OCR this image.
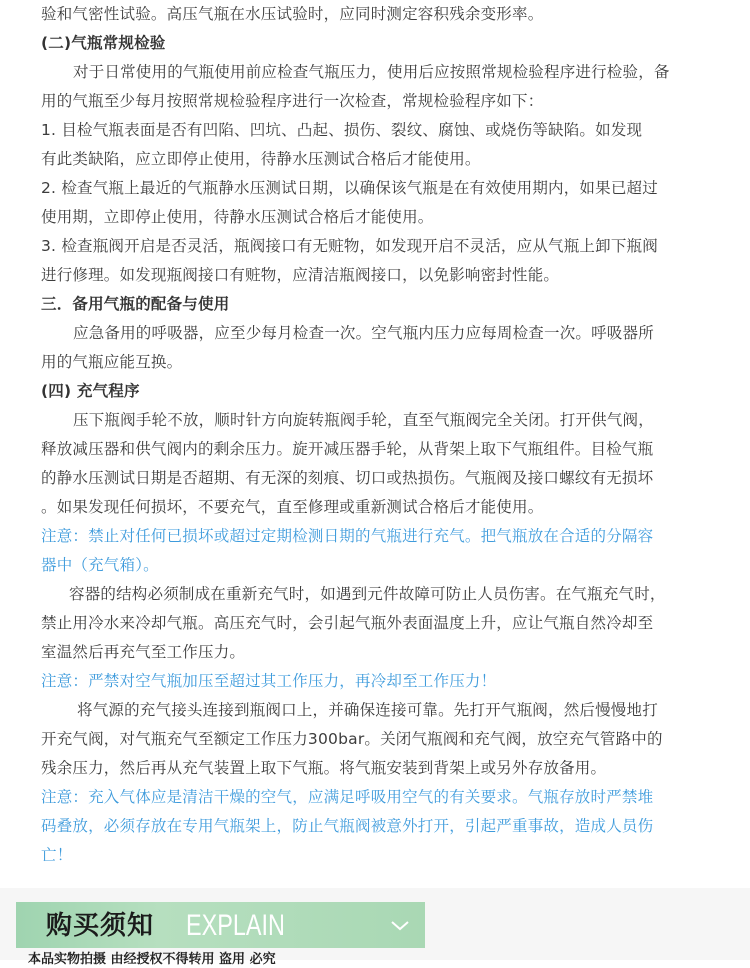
验和气密性试验。高压气瓶在水压试验时，应同时测定容积残余变形率。
(二)气瓶常规检验
对于日常使用的气瓶使用前应检查气瓶压力，使用后应按照常规检验程序进行检验，备
用的气瓶至少每月按照常规检验程序进行一次检查，常规检验程序如下：
1. 目检气瓶表面是否有凹陷、凹坑、凸起、损伤、裂纹、腐蚀、或烧伤等缺陷。如发现
有此类缺陷，应立即停止使用，待静水压测试合格后才能使用。
2. 检查气瓶上最近的气瓶静水压测试日期，以确保该气瓶是在有效使用期内，如果已超过
使用期，立即停止使用，待静水压测试合格后才能使用。
3. 检查瓶阀开启是否灵活，瓶阀接口有无赃物，如发现开启不灵活，应从气瓶上卸下瓶阀
进行修理。如发现瓶阀接口有赃物，应清洁瓶阀接口，以免影响密封性能。
三．备用气瓶的配备与使用
应急备用的呼吸器，应至少每月检查一次。空气瓶内压力应每周检查一次。呼吸器所
用的气瓶应能互换。
(四) 充气程序
压下瓶阀手轮不放，顺时针方向旋转瓶阀手轮，直至气瓶阀完全关闭。打开供气阀，
释放减压器和供气阀内的剩余压力。旋开减压器手轮，从背架上取下气瓶组件。目检气瓶
的静水压测试日期是否超期、有无深的刻痕、切口或热损伤。气瓶阀及接口螺纹有无损坏
。如果发现任何损坏，不要充气，直至修理或重新测试合格后才能使用。
注意：禁止对任何已损坏或超过定期检测日期的气瓶进行充气。把气瓶放在合适的分隔容
器中（充气箱）。
容器的结构必须制成在重新充气时，如遇到元件故障可防止人员伤害。在气瓶充气时，
禁止用冷水来冷却气瓶。高压充气时，会引起气瓶外表面温度上升，应让气瓶自然冷却至
室温然后再充气至工作压力。
注意：严禁对空气瓶加压至超过其工作压力，再冷却至工作压力！
将气源的充气接头连接到瓶阀口上，并确保连接可靠。先打开气瓶阀，然后慢慢地打
开充气阀，对气瓶充气至额定工作压力300bar。关闭气瓶阀和充气阀，放空充气管路中的
残余压力，然后再从充气装置上取下气瓶。将气瓶安装到背架上或另外存放备用。
注意：充入气体应是清洁干燥的空气，应满足呼吸用空气的有关要求。气瓶存放时严禁堆
码叠放，必须存放在专用气瓶架上，防止气瓶阀被意外打开，引起严重事故，造成人员伤
亡！
购买须知 EXPLAIN
本品实物拍摄 由经授权不得转用 盗用 必究
